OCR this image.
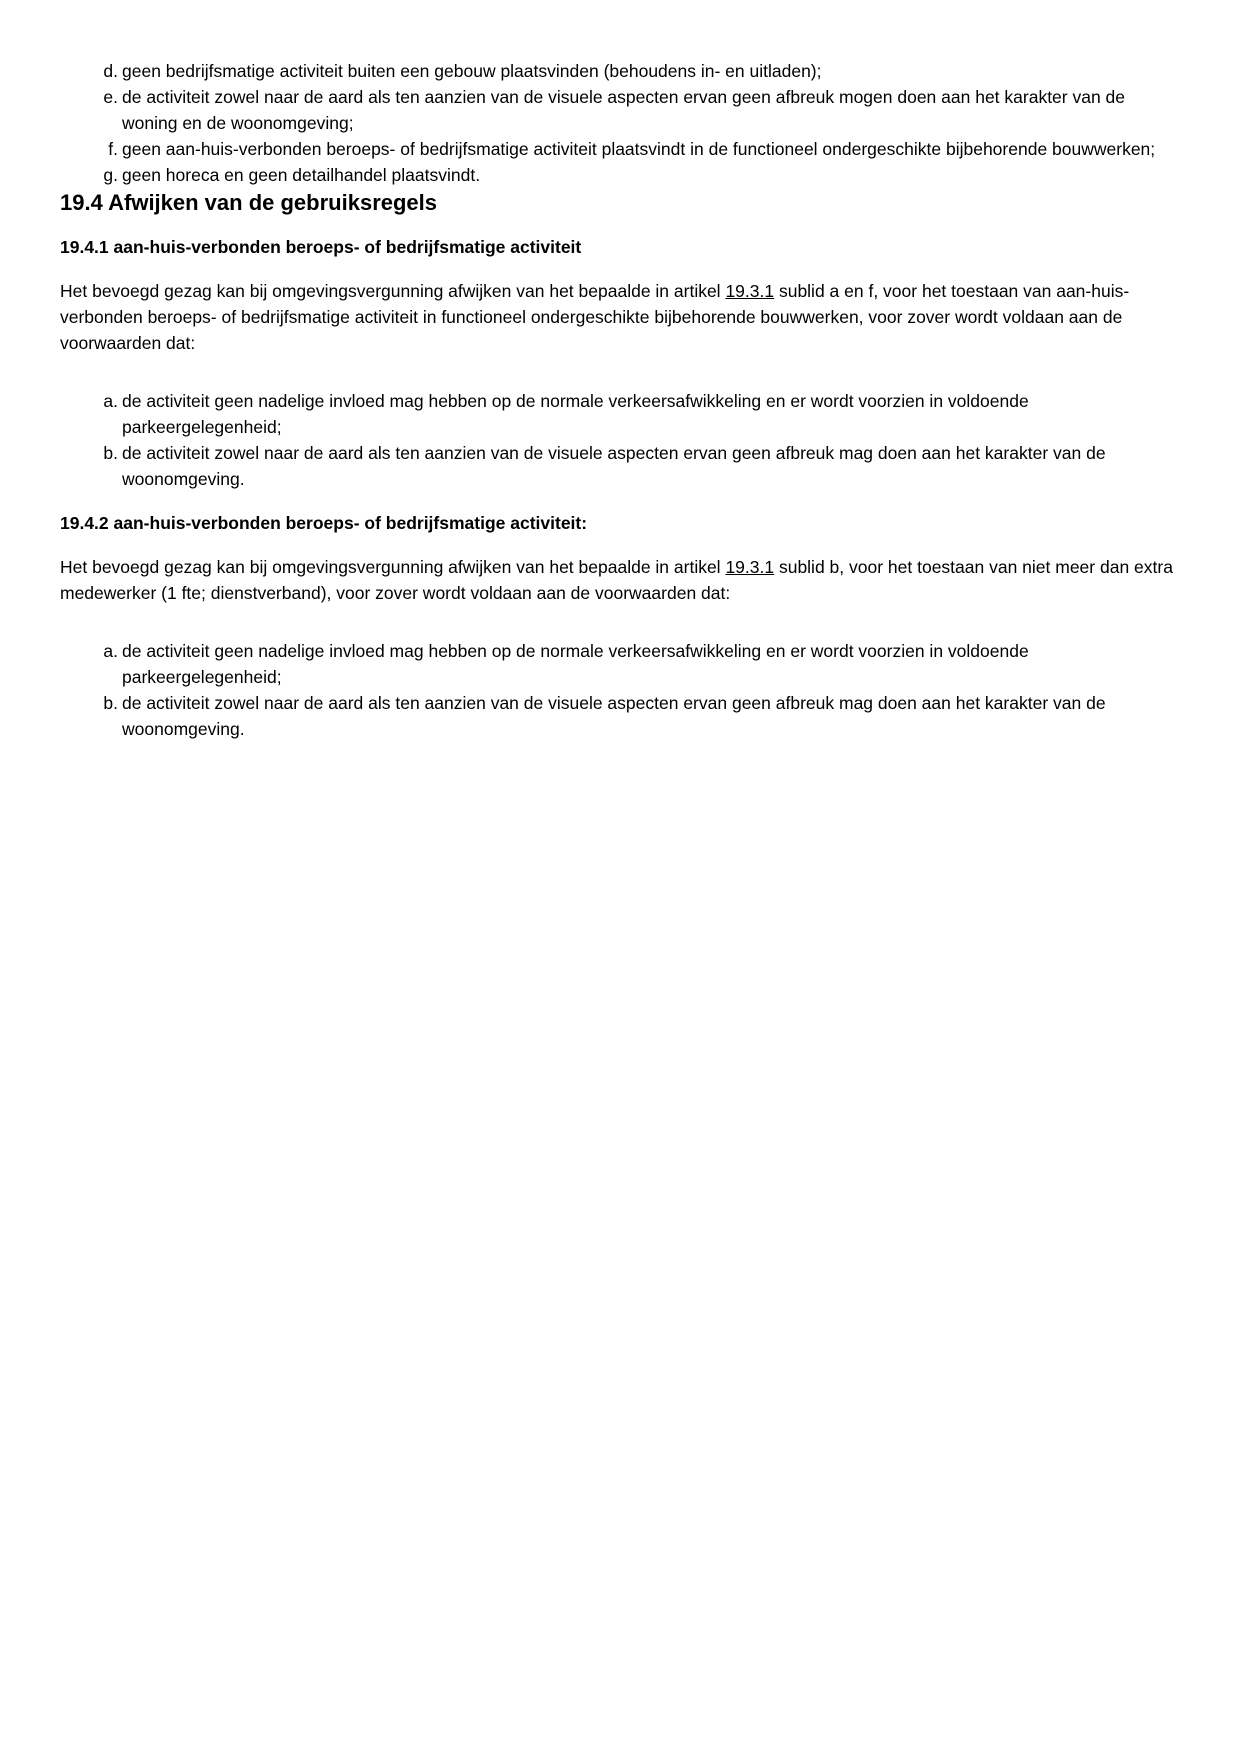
d. geen bedrijfsmatige activiteit buiten een gebouw plaatsvinden (behoudens in- en uitladen);
e. de activiteit zowel naar de aard als ten aanzien van de visuele aspecten ervan geen afbreuk mogen doen aan het karakter van de woning en de woonomgeving;
f. geen aan-huis-verbonden beroeps- of bedrijfsmatige activiteit plaatsvindt in de functioneel ondergeschikte bijbehorende bouwwerken;
g. geen horeca en geen detailhandel plaatsvindt.
19.4 Afwijken van de gebruiksregels
19.4.1 aan-huis-verbonden beroeps- of bedrijfsmatige activiteit

Het bevoegd gezag kan bij omgevingsvergunning afwijken van het bepaalde in artikel 19.3.1 sublid a en f, voor het toestaan van aan-huis-verbonden beroeps- of bedrijfsmatige activiteit in functioneel ondergeschikte bijbehorende bouwwerken, voor zover wordt voldaan aan de voorwaarden dat:

a. de activiteit geen nadelige invloed mag hebben op de normale verkeersafwikkeling en er wordt voorzien in voldoende parkeergelegenheid;
b. de activiteit zowel naar de aard als ten aanzien van de visuele aspecten ervan geen afbreuk mag doen aan het karakter van de woonomgeving.
19.4.2 aan-huis-verbonden beroeps- of bedrijfsmatige activiteit:

Het bevoegd gezag kan bij omgevingsvergunning afwijken van het bepaalde in artikel 19.3.1 sublid b, voor het toestaan van niet meer dan extra medewerker (1 fte; dienstverband), voor zover wordt voldaan aan de voorwaarden dat:

a. de activiteit geen nadelige invloed mag hebben op de normale verkeersafwikkeling en er wordt voorzien in voldoende parkeergelegenheid;
b. de activiteit zowel naar de aard als ten aanzien van de visuele aspecten ervan geen afbreuk mag doen aan het karakter van de woonomgeving.
